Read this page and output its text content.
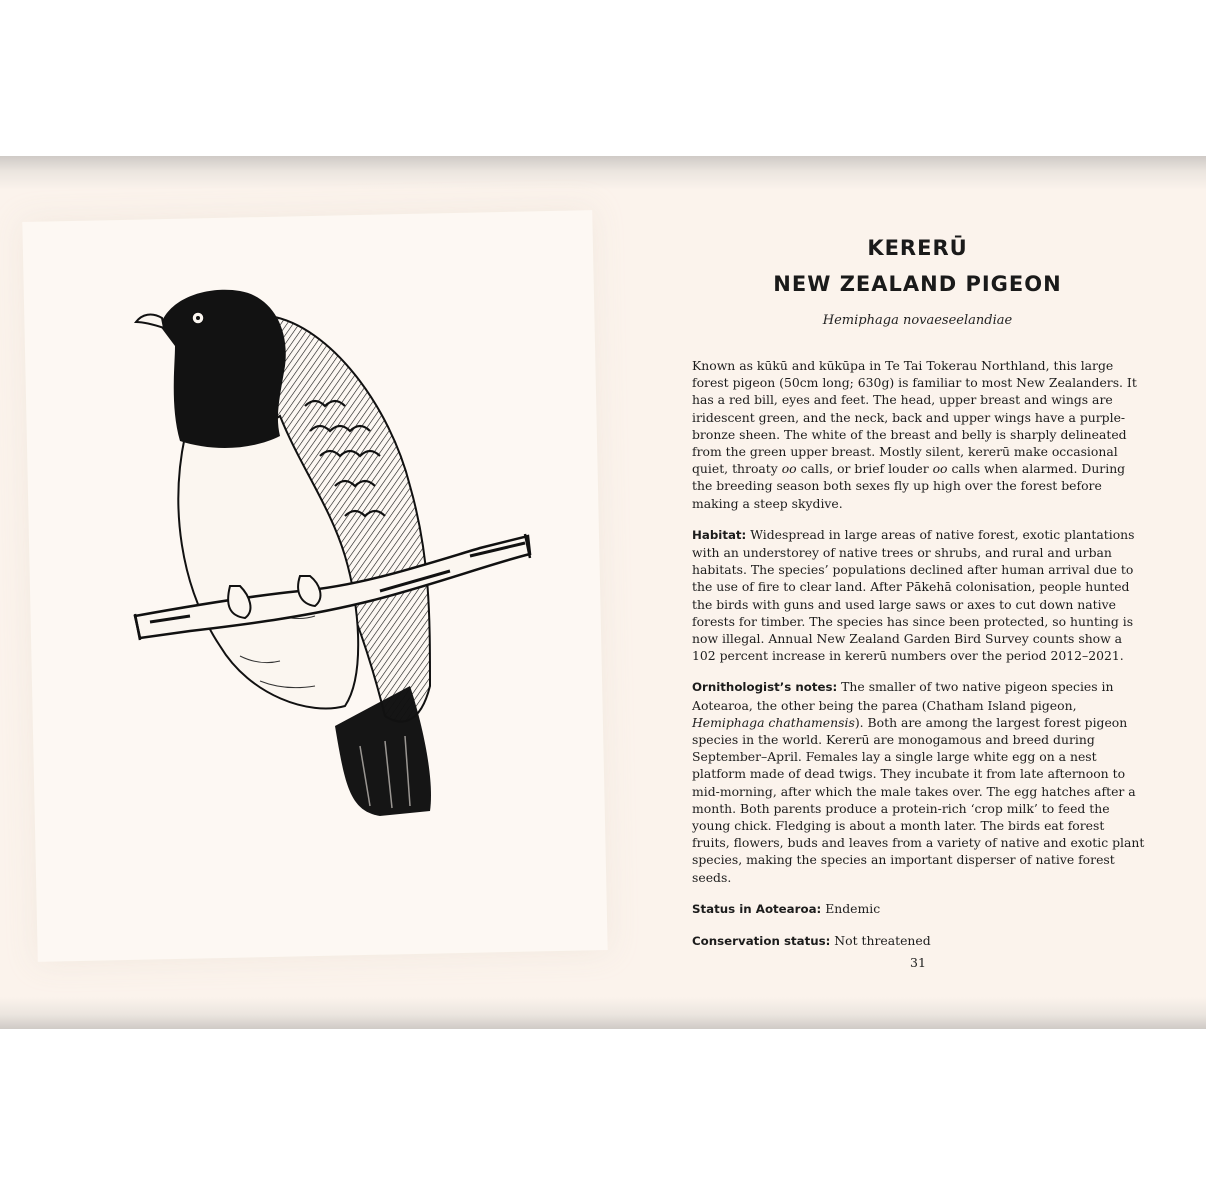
KERERŪ
NEW ZEALAND PIGEON
Hemiphaga novaeseelandiae

Known as kūkū and kūkūpa in Te Tai Tokerau Northland, this large forest pigeon (50cm long; 630g) is familiar to most New Zealanders. It has a red bill, eyes and feet. The head, upper breast and wings are iridescent green, and the neck, back and upper wings have a purple-bronze sheen. The white of the breast and belly is sharply delineated from the green upper breast. Mostly silent, kererū make occasional quiet, throaty oo calls, or brief louder oo calls when alarmed. During the breeding season both sexes fly up high over the forest before making a steep skydive.

Habitat: Widespread in large areas of native forest, exotic plantations with an understorey of native trees or shrubs, and rural and urban habitats. The species’ populations declined after human arrival due to the use of fire to clear land. After Pākehā colonisation, people hunted the birds with guns and used large saws or axes to cut down native forests for timber. The species has since been protected, so hunting is now illegal. Annual New Zealand Garden Bird Survey counts show a 102 percent increase in kererū numbers over the period 2012–2021.

Ornithologist’s notes: The smaller of two native pigeon species in Aotearoa, the other being the parea (Chatham Island pigeon, Hemiphaga chathamensis). Both are among the largest forest pigeon species in the world. Kererū are monogamous and breed during September–April. Females lay a single large white egg on a nest platform made of dead twigs. They incubate it from late afternoon to mid-morning, after which the male takes over. The egg hatches after a month. Both parents produce a protein-rich ‘crop milk’ to feed the young chick. Fledging is about a month later. The birds eat forest fruits, flowers, buds and leaves from a variety of native and exotic plant species, making the species an important disperser of native forest seeds.

Status in Aotearoa: Endemic

Conservation status: Not threatened

31
